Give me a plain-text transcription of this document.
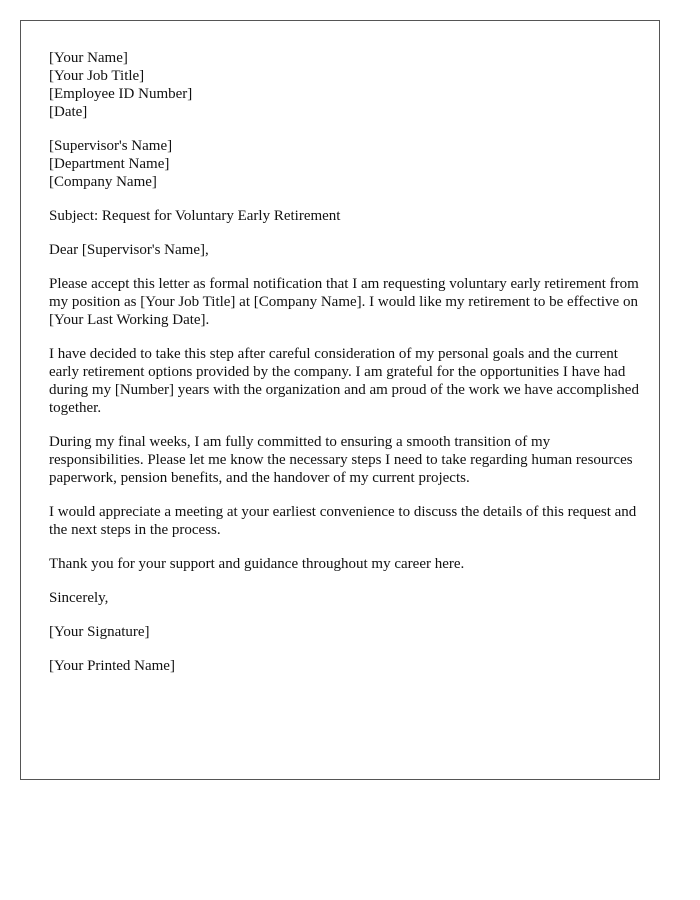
[Your Name]
[Your Job Title]
[Employee ID Number]
[Date]
[Supervisor's Name]
[Department Name]
[Company Name]

Subject: Request for Voluntary Early Retirement

Dear [Supervisor's Name],

Please accept this letter as formal notification that I am requesting voluntary early retirement from my position as [Your Job Title] at [Company Name]. I would like my retirement to be effective on [Your Last Working Date].

I have decided to take this step after careful consideration of my personal goals and the current early retirement options provided by the company. I am grateful for the opportunities I have had during my [Number] years with the organization and am proud of the work we have accomplished together.

During my final weeks, I am fully committed to ensuring a smooth transition of my responsibilities. Please let me know the necessary steps I need to take regarding human resources paperwork, pension benefits, and the handover of my current projects.

I would appreciate a meeting at your earliest convenience to discuss the details of this request and the next steps in the process.

Thank you for your support and guidance throughout my career here.

Sincerely,

[Your Signature]

[Your Printed Name]
